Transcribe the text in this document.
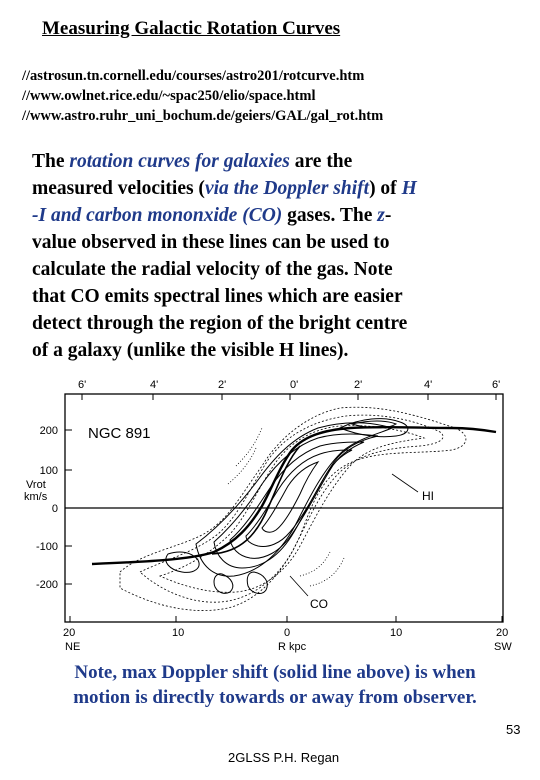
Measuring Galactic Rotation Curves
//astrosun.tn.cornell.edu/courses/astro201/rotcurve.htm
//www.owlnet.rice.edu/~spac250/elio/space.html
//www.astro.ruhr_uni_bochum.de/geiers/GAL/gal_rot.htm
The rotation curves for galaxies are the
measured velocities (via the Doppler shift) of H
-I and carbon mononxide (CO) gases. The z-
value observed in these lines can be used to
calculate the radial velocity of the gas. Note
that CO emits spectral lines which are easier
detect through the region of the bright centre
of a galaxy (unlike the visible H lines).
6'	4'	2'	0'	2'	4'	6'
200
100
0
-100
-200
Vrot
km/s
NGC 891
HI
CO
20	10	0	10	20
NE	R kpc	SW
Note, max Doppler shift (solid line above) is when
motion is directly towards or away from observer.
53
2GLSS P.H. Regan
